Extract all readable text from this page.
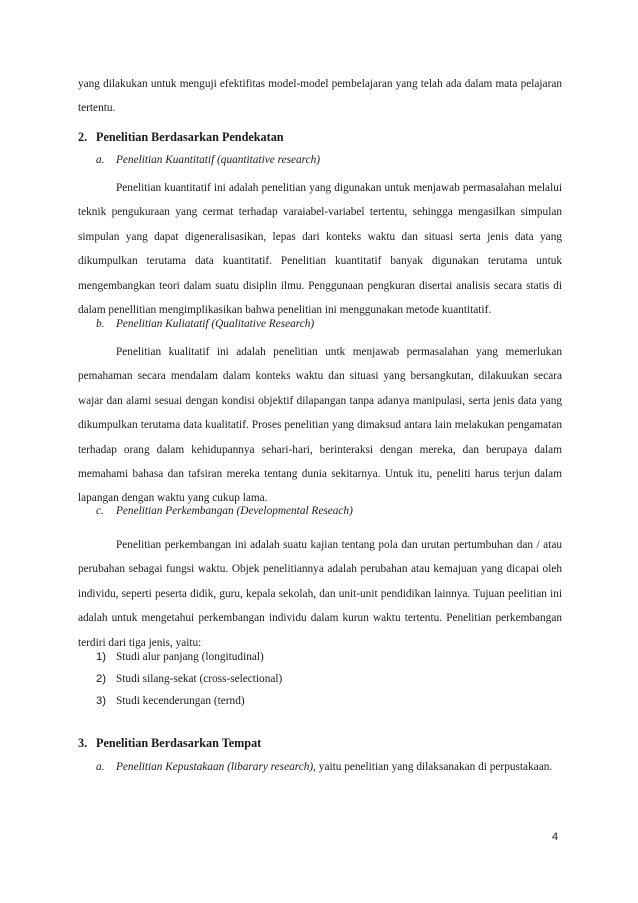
yang dilakukan untuk menguji efektifitas model-model pembelajaran yang telah ada dalam mata pelajaran tertentu.

2. Penelitian Berdasarkan Pendekatan

a. Penelitian Kuantitatif (quantitative research)

Penelitian kuantitatif ini adalah penelitian yang digunakan untuk menjawab permasalahan melalui teknik pengukuraan yang cermat terhadap varaiabel-variabel tertentu, sehingga mengasilkan simpulan simpulan yang dapat digeneralisasikan, lepas dari konteks waktu dan situasi serta jenis data yang dikumpulkan terutama data kuantitatif. Penelitian kuantitatif banyak digunakan terutama untuk mengembangkan teori dalam suatu disiplin ilmu. Penggunaan pengkuran disertai analisis secara statis di dalam penellitian mengimplikasikan bahwa penelitian ini menggunakan metode kuantitatif.

b. Penelitian Kuliatatif (Qualitative Research)

Penelitian kualitatif ini adalah penelitian untk menjawab permasalahan yang memerlukan pemahaman secara mendalam dalam konteks waktu dan situasi yang bersangkutan, dilakuukan secara wajar dan alami sesuai dengan kondisi objektif dilapangan tanpa adanya manipulasi, serta jenis data yang dikumpulkan terutama data kualitatif. Proses penelitian yang dimaksud antara lain melakukan pengamatan terhadap orang dalam kehidupannya sehari-hari, berinteraksi dengan mereka, dan berupaya dalam memahami bahasa dan tafsiran mereka tentang dunia sekitarnya. Untuk itu, peneliti harus terjun dalam lapangan dengan waktu yang cukup lama.

c. Penelitian Perkembangan (Developmental Reseach)

Penelitian perkembangan ini adalah suatu kajian tentang pola dan urutan pertumbuhan dan / atau perubahan sebagai fungsi waktu. Objek penelitiannya adalah perubahan atau kemajuan yang dicapai oleh individu, seperti peserta didik, guru, kepala sekolah, dan unit-unit pendidikan lainnya. Tujuan peelitian ini adalah untuk mengetahui perkembangan individu dalam kurun waktu tertentu. Penelitian perkembangan terdiri dari tiga jenis, yaitu:

1) Studi alur panjang (longitudinal)

2) Studi silang-sekat (cross-selectional)

3) Studi kecenderungan (ternd)

3. Penelitian Berdasarkan Tempat

a. Penelitian Kepustakaan (libarary research), yaitu penelitian yang dilaksanakan di perpustakaan.
4
